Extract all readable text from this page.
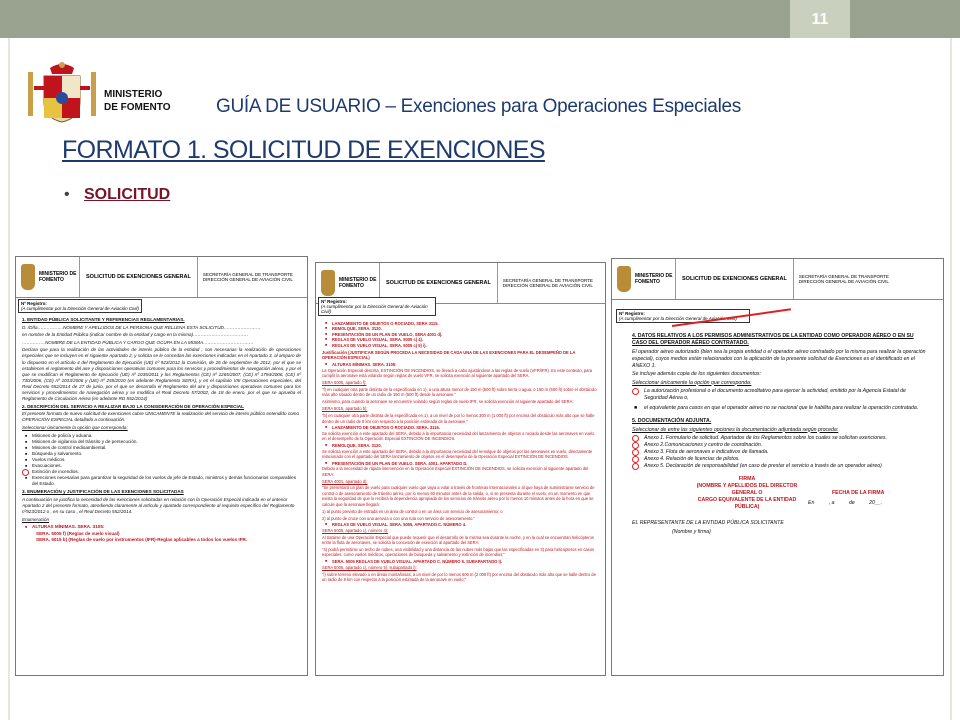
11
MINISTERIO
DE FOMENTO GUÍA DE USUARIO – Exenciones para Operaciones Especiales
FORMATO 1. SOLICITUD DE EXENCIONES
• SOLICITUD
MINISTERIO DE FOMENTO	SOLICITUD DE EXENCIONES GENERAL	SECRETARÍA GENERAL DE TRANSPORTE
DIRECCIÓN GENERAL DE AVIACIÓN CIVIL
Nº Registro:
(A cumplimentar por la Dirección General de Aviación Civil)

1. ENTIDAD PÚBLICA SOLICITANTE Y REFERENCIAS REGLAMENTARIAS.

D. /Dña……………..NOMBRE Y APELLIDOS DE LA PERSONA QUE RELLENA ESTA SOLICITUD……………………

en nombre de la Entidad Pública (indicar nombre de la entidad y cargo en la misma)………………………………

……………NOMBRE DE LA ENTIDAD PÚBLICA Y CARGO QUE OCUPA EN LA MISMA……………………………

Declara que para la realización de las actividades de interés público de la entidad , son necesarias la realización de operaciones especiales que se incluyen en el siguiente Apartado 2, y solicita se le concedan las exenciones indicadas en el Apartado 3, al amparo de lo dispuesto en el artículo 4 del Reglamento de Ejecución (UE) nº 923/2012 la Comisión, de 26 de septiembre de 2012, por el que se establecen el reglamento del aire y disposiciones operativas comunes para los servicios y procedimientos de navegación aérea, y por el que se modifican el Reglamento de Ejecución (UE) nº 1035/2011 y los Reglamentos (CE) nº 1265/2007, (CE) nº 1794/2006, (CE) nº 730/2006, (CE) nº 1033/2006 y (UE) nº 255/2010 (en adelante Reglamento SERA), y en el capítulo VIII Operaciones especiales, del Real Decreto 552/2014 de 27 de junio, por el que se desarrolla el Reglamento del aire y disposiciones operativas comunes para los servicios y procedimientos de navegación aérea y se modifica el Real Decreto 57/2002, de 18 de enero, por el que se aprueba el Reglamento de Circulación Aérea (en adelante RD 552/2014)

2. DESCRIPCIÓN DEL SERVICIO A REALIZAR BAJO LA CONSIDERACIÓN DE OPERACIÓN ESPECIAL

El presente formato de nuevo solicitud de exenciones cubre ÚNICAMENTE la realización del servicio de interés público entendido como OPERACIÓN ESPECIAL detallado a continuación.

Seleccionar únicamente la opción que corresponda:

■ Misiones de policía y aduana.
■ Misiones de vigilancia del tránsito y de persecución.
■ Misiones de control medioambiental.
■ Búsqueda y salvamento.
■ Vuelos médicos.
■ Evacuaciones.
Extinción de incendios.
■ Exenciones necesarias para garantizar la seguridad de los vuelos de jefe de Estado, ministros y demás funcionarios comparables del Estado.

3. ENUMERACIÓN y JUSTIFICACIÓN DE LAS EXENCIONES SOLICITADAS

A continuación se justifica la necesidad de las exenciones solicitadas en relación con la Operación Especial indicada en el anterior Apartado 2 del presente formato, atendiendo claramente al artículo y apartado correspondiente al requisito específico del Reglamento nº923/2012 o , en su caso , el Real Decreto 552/2014.

Enumeración

■ ALTURAS MÍNIMAS. SERA. 3105:
SERA. 5005 f) (Reglas de vuelo visual)
SERA. 5015 b) (Reglas de vuelo por instrumentos (IFR)-Reglas aplicables a todos los vuelos IFR.
MINISTERIO DE FOMENTO	SOLICITUD DE EXENCIONES GENERAL	SECRETARÍA GENERAL DE TRANSPORTE
DIRECCIÓN GENERAL DE AVIACIÓN CIVIL
Nº Registro:
(A cumplimentar por la Dirección General de Aviación Civil)
■ LANZAMIENTO DE OBJETOS O ROCIADO, SERA 3115.
■ REMOLQUE, SERA. 3120.
■ PRESENTACIÓN DE UN PLAN DE VUELO, SERA 4001 d).
■ REGLAS DE VUELO VISUAL, SERA. 5005 c) 4).
■ REGLAS DE VUELO VISUAL. SERA. 5005 c) 5) i).

Justificación (JUSTIFICAR SEGÚN PROCEDA LA NECESIDAD DE CADA UNA DE LAS EXENCIONES PARA EL DESEMPEÑO DE LA OPERACIÓN ESPECIAL)

■ ALTURAS MÍNIMAS. SERA. 3105:

La Operación Especial descrita, EXTINCIÓN DE INCENDIOS, se llevará a cabo ajustándose a las reglas de vuelo (VFR/IFR). En este contexto, para cumplir la aeronave está volando según reglas de vuelo VFR, se solicita exención al siguiente apartado del SERA.

SERA 5005, apartado f):

"f) en cualquier otra parte distinta de la especificada en 1), a una altura menor de 150 m (500 ft) sobre tierra o agua, o 150 m (500 ft) sobre el obstáculo más alto situado dentro de un radio de 150 m (500 ft) desde la aeronave."

Asimismo, para cuando la aeronave se encuentre volando según reglas de vuelo IFR, se solicita exención al siguiente apartado del SERA:

SERA 5015, apartado b):

"b) en cualquier otra parte distinta de la especificada en 1), a un nivel de por lo menos 300 m (1 000 ft) por encima del obstáculo más alto que se halle dentro de un radio de 8 km con respecto a la posición estimada de la aeronave."

■ LANZAMIENTO DE OBJETOS O ROCIADO. SERA. 3115.

Se solicita exención a este apartado del SERA, debido a la importancia necesidad del lanzamiento de objetos o rociado desde las aeronaves en vuelo en el desempeño de la Operación Especial EXTINCIÓN DE INCENDIOS.

■ REMOLQUE. SERA. 3120.

Se solicita exención a este apartado del SERA, debido a la importancia necesidad del remolque de objetos por las aeronaves en vuelo, directamente relacionado con el apartado del SERA lanzamiento de objetos en el desempeño de la Operación Especial EXTINCIÓN DE INCENDIOS.

■ PRESENTACIÓN DE UN PLAN DE VUELO. SERA. 4001. APARTADO D.

Debido a la necesidad de rápida intervención en la Operación Especial EXTINCIÓN DE INCENDIOS, se solicita exención al siguiente apartado del SERA:

SERA 4001, apartado d):

"Se presentará un plan de vuelo para cualquier vuelo que vaya a volar a través de fronteras internacionales o al que haya de suministrarse servicio de control o de asesoramiento de tránsito aéreo, por lo menos 60 minutos antes de la salida, o, si se presenta durante el vuelo, en un momento en que exista la seguridad de que lo recibirá la dependencia apropiada de los servicios de tránsito aéreo por lo menos 10 minutos antes de la hora en que se calcule que la aeronave llegará:

1) al punto previsto de entrada en un área de control o en un área con servicio de asesoramiento; o

2) al punto de cruce con una aerovía o con una ruta con servicio de asesoramiento."

■ REGLAS DE VUELO VISUAL. SERA. 5005, APARTADO C. NÚMERO 4.

SERA 5005, apartado c), número 4):

Al tratarse de una Operación Especial que puede requerir que el desarrollo de la misma sea durante la noche, y en la cual se encuentran helicópteros entre la flota de aeronaves, se solicita la concesión de exención al apartado del SERA:

"4) podrá permitirse un techo de nubes, una visibilidad y una distancia de las nubes más bajas que las especificadas en 3) para helicópteros en casos especiales, como vuelos médicos, operaciones de búsqueda y salvamento y extinción de incendios;"

■ SERA. 5005 REGLAS DE VUELO VISUAL. APARTADO C. NÚMERO 5. SUBAPARTADO I).

SERA 5005, apartado c), número 5), subapartado i):

"i) sobre terreno elevado o en áreas montañosas, a un nivel de por lo menos 600 m (2 000 ft) por encima del obstáculo más alto que se halle dentro de un radio de 8 km con respecto a la posición estimada de la aeronave en vuelo;"

MINISTERIO DE FOMENTO	SOLICITUD DE EXENCIONES GENERAL	SECRETARÍA GENERAL DE TRANSPORTE
DIRECCIÓN GENERAL DE AVIACIÓN CIVIL
Nº Registro:
(A cumplimentar por la Dirección General de Aviación Civil)

4. DATOS RELATIVOS A LOS PERMISOS ADMINISTRATIVOS DE LA ENTIDAD COMO OPERADOR AÉREO O EN SU CASO DEL OPERADOR AÉREO CONTRATADO.

El operador aéreo autorizado (bien sea la propia entidad o el operador aéreo contratado por la misma para realizar la operación especial), cuyos medios están relacionados con la aplicación de la presente solicitud de Exenciones es el identificado en el ANEXO 1.

Se incluye además copia de los siguientes documentos:

Seleccionar únicamente la opción que corresponda:

La autorización profesional o el documento acreditativo para ejercer la actividad, emitido por la Agencia Estatal de Seguridad Aérea o,
■ el equivalente para casos en que el operador aéreo no se nacional que le habilita para realizar la operación contratada.

5. DOCUMENTACIÓN ADJUNTA.

Seleccionar de entre las siguientes opciones la documentación adjuntada según proceda:

Anexo 1. Formulario de solicitud. Apartados de los Reglamentos sobre los cuales se solicitan exenciones.
Anexo 2.Comunicaciones y centro de coordinación.
Anexo 3. Flota de aeronaves e indicativos de llamada.
Anexo 4. Relación de licencias de pilotos.
Anexo 5. Declaración de responsabilidad (en caso de prestar el servicio a través de un operador aéreo)
FIRMA
(NOMBRE Y APELLIDOS DEL DIRECTOR GENERAL O
CARGO EQUIVALENTE DE LA ENTIDAD PÚBLICA)
FECHA DE LA FIRMA
En          , a          de          20__.

EL REPRESENTANTE DE LA ENTIDAD PÚBLICA SOLICITANTE

(Nombre y firma)
